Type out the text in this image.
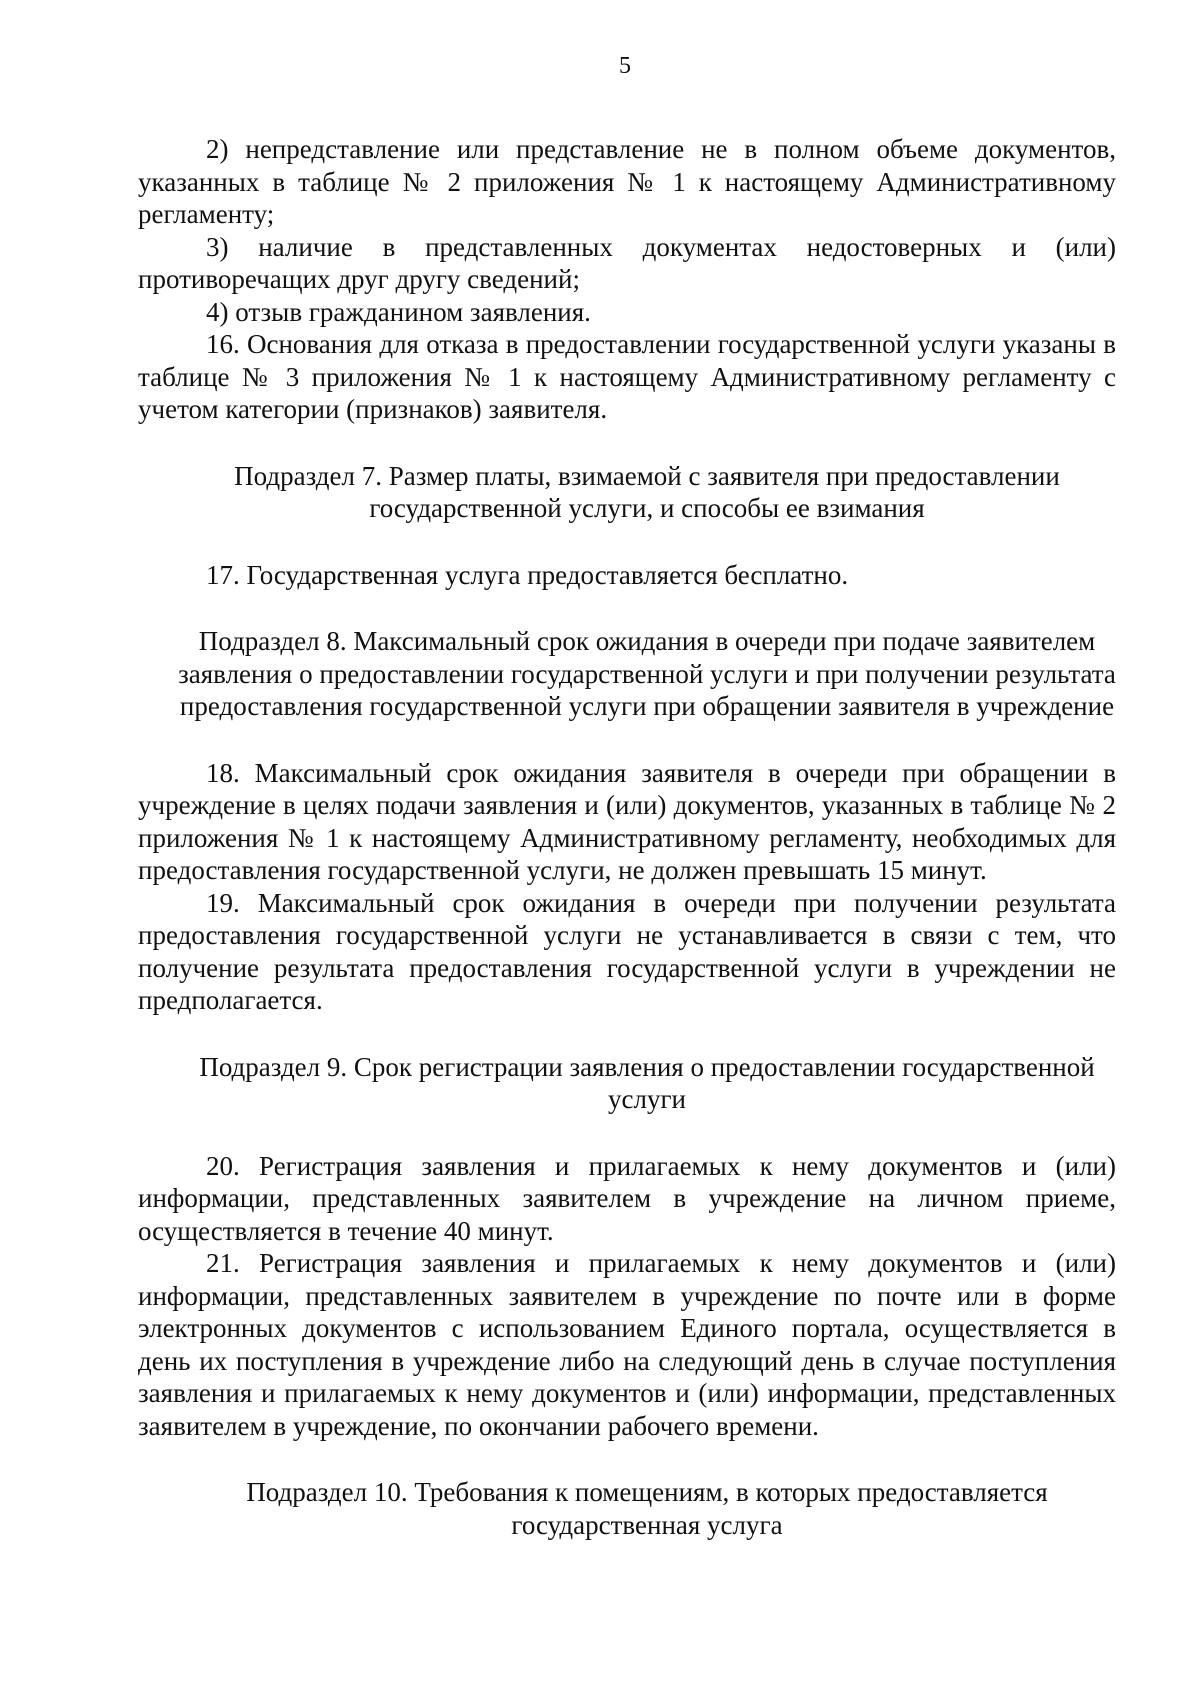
5

2) непредставление или представление не в полном объеме документов, указанных в таблице № 2 приложения № 1 к настоящему Административному регламенту;

3) наличие в представленных документах недостоверных и (или) противоречащих друг другу сведений;

4) отзыв гражданином заявления.

16. Основания для отказа в предоставлении государственной услуги указаны в таблице № 3 приложения № 1 к настоящему Административному регламенту с учетом категории (признаков) заявителя.

Подраздел 7. Размер платы, взимаемой с заявителя при предоставлении государственной услуги, и способы ее взимания

17. Государственная услуга предоставляется бесплатно.

Подраздел 8. Максимальный срок ожидания в очереди при подаче заявителем заявления о предоставлении государственной услуги и при получении результата предоставления государственной услуги при обращении заявителя в учреждение

18. Максимальный срок ожидания заявителя в очереди при обращении в учреждение в целях подачи заявления и (или) документов, указанных в таблице № 2 приложения № 1 к настоящему Административному регламенту, необходимых для предоставления государственной услуги, не должен превышать 15 минут.

19. Максимальный срок ожидания в очереди при получении результата предоставления государственной услуги не устанавливается в связи с тем, что получение результата предоставления государственной услуги в учреждении не предполагается.

Подраздел 9. Срок регистрации заявления о предоставлении государственной услуги

20. Регистрация заявления и прилагаемых к нему документов и (или) информации, представленных заявителем в учреждение на личном приеме, осуществляется в течение 40 минут.

21. Регистрация заявления и прилагаемых к нему документов и (или) информации, представленных заявителем в учреждение по почте или в форме электронных документов с использованием Единого портала, осуществляется в день их поступления в учреждение либо на следующий день в случае поступления заявления и прилагаемых к нему документов и (или) информации, представленных заявителем в учреждение, по окончании рабочего времени.

Подраздел 10. Требования к помещениям, в которых предоставляется государственная услуга
